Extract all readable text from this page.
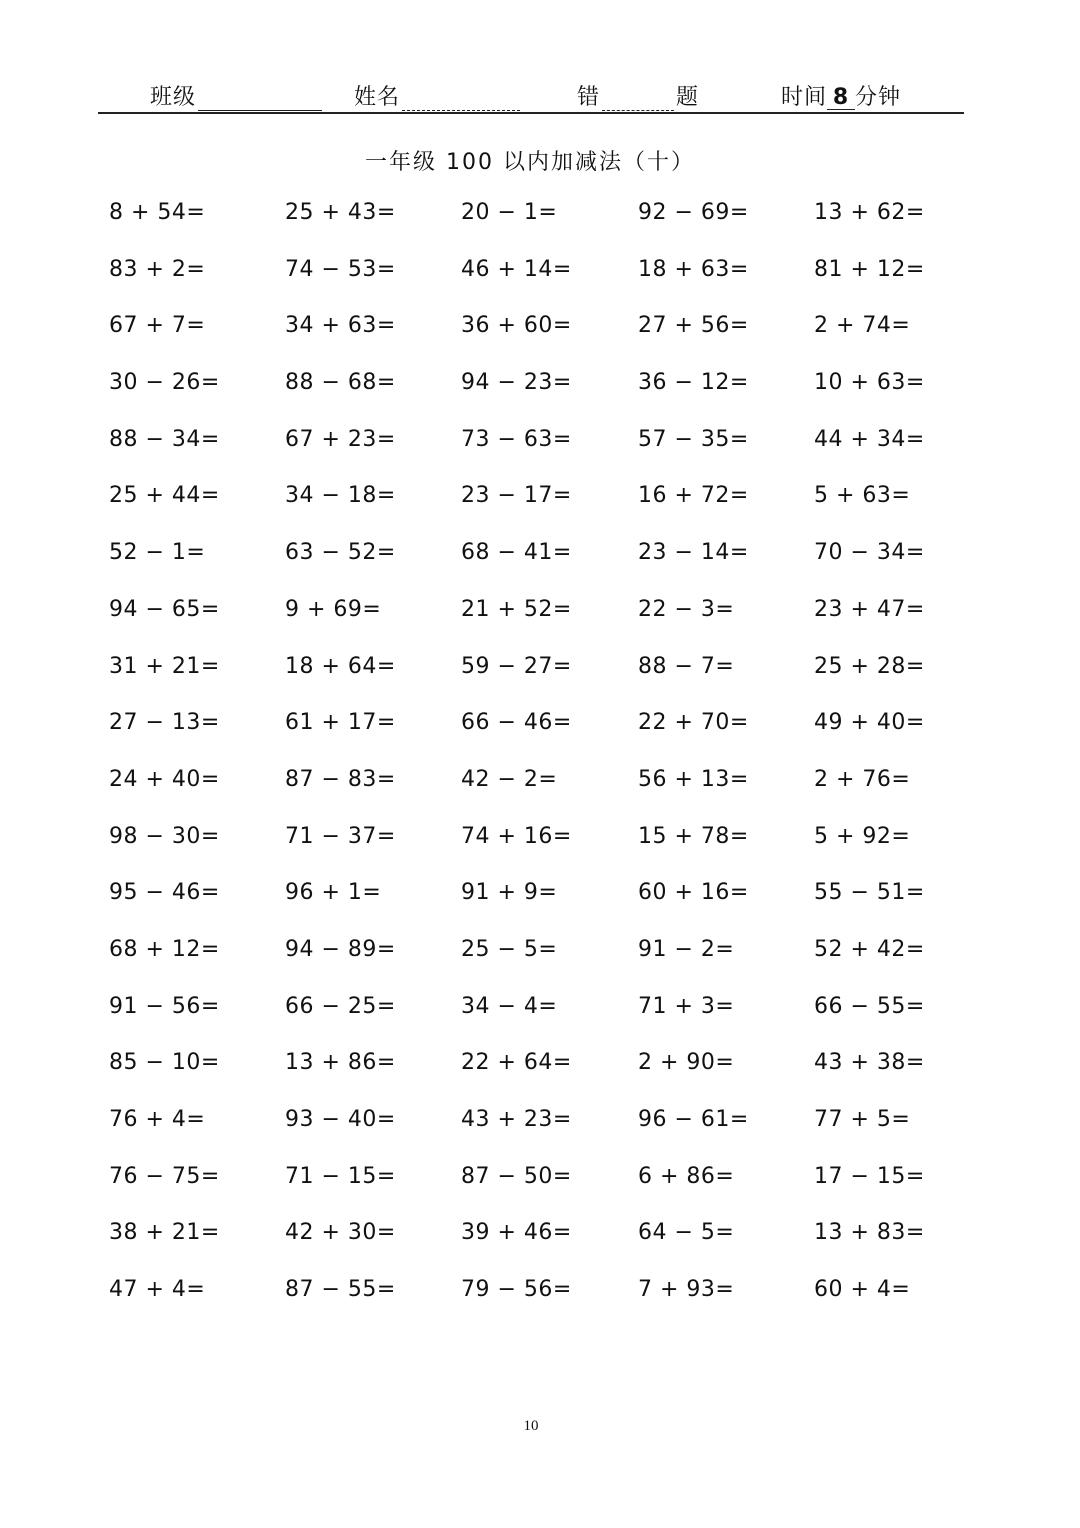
班级	姓名	错	题	时间 8 分钟
一年级 100 以内加减法（十）
8 + 54=	25 + 43=	20 − 1=	92 − 69=	13 + 62=
83 + 2=	74 − 53=	46 + 14=	18 + 63=	81 + 12=
67 + 7=	34 + 63=	36 + 60=	27 + 56=	2 + 74=
30 − 26=	88 − 68=	94 − 23=	36 − 12=	10 + 63=
88 − 34=	67 + 23=	73 − 63=	57 − 35=	44 + 34=
25 + 44=	34 − 18=	23 − 17=	16 + 72=	5 + 63=
52 − 1=	63 − 52=	68 − 41=	23 − 14=	70 − 34=
94 − 65=	9 + 69=	21 + 52=	22 − 3=	23 + 47=
31 + 21=	18 + 64=	59 − 27=	88 − 7=	25 + 28=
27 − 13=	61 + 17=	66 − 46=	22 + 70=	49 + 40=
24 + 40=	87 − 83=	42 − 2=	56 + 13=	2 + 76=
98 − 30=	71 − 37=	74 + 16=	15 + 78=	5 + 92=
95 − 46=	96 + 1=	91 + 9=	60 + 16=	55 − 51=
68 + 12=	94 − 89=	25 − 5=	91 − 2=	52 + 42=
91 − 56=	66 − 25=	34 − 4=	71 + 3=	66 − 55=
85 − 10=	13 + 86=	22 + 64=	2 + 90=	43 + 38=
76 + 4=	93 − 40=	43 + 23=	96 − 61=	77 + 5=
76 − 75=	71 − 15=	87 − 50=	6 + 86=	17 − 15=
38 + 21=	42 + 30=	39 + 46=	64 − 5=	13 + 83=
47 + 4=	87 − 55=	79 − 56=	7 + 93=	60 + 4=
10
